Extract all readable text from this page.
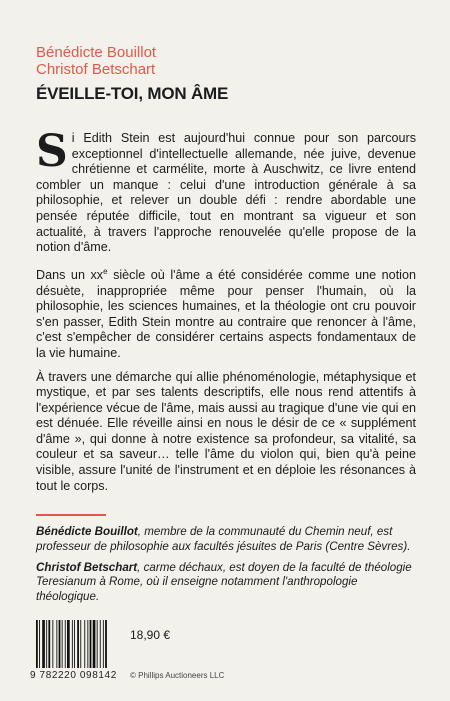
Bénédicte Bouillot
Christof Betschart
ÉVEILLE-TOI, MON ÂME

Si Edith Stein est aujourd'hui connue pour son parcours exceptionnel d'intellectuelle allemande, née juive, devenue chrétienne et carmélite, morte à Auschwitz, ce livre entend combler un manque : celui d'une introduction générale à sa philosophie, et relever un double défi : rendre abordable une pensée réputée difficile, tout en montrant sa vigueur et son actualité, à travers l'approche renouvelée qu'elle propose de la notion d'âme.

Dans un $xx^e$ siècle où l'âme a été considérée comme une notion désuète, inappropriée même pour penser l'humain, où la philosophie, les sciences humaines, et la théologie ont cru pouvoir s'en passer, Edith Stein montre au contraire que renoncer à l'âme, c'est s'empêcher de considérer certains aspects fondamentaux de la vie humaine.

À travers une démarche qui allie phénoménologie, métaphysique et mystique, et par ses talents descriptifs, elle nous rend attentifs à l'expérience vécue de l'âme, mais aussi au tragique d'une vie qui en est dénuée. Elle réveille ainsi en nous le désir de ce « supplément d'âme », qui donne à notre existence sa profondeur, sa vitalité, sa couleur et sa saveur… telle l'âme du violon qui, bien qu'à peine visible, assure l'unité de l'instrument et en déploie les résonances à tout le corps.

Bénédicte Bouillot, membre de la communauté du Chemin neuf, est professeur de philosophie aux facultés jésuites de Paris (Centre Sèvres).

Christof Betschart, carme déchaux, est doyen de la faculté de théologie Teresianum à Rome, où il enseigne notamment l'anthropologie théologique.

9 782220 098142
18,90 €
© Phillips Auctioneers LLC
